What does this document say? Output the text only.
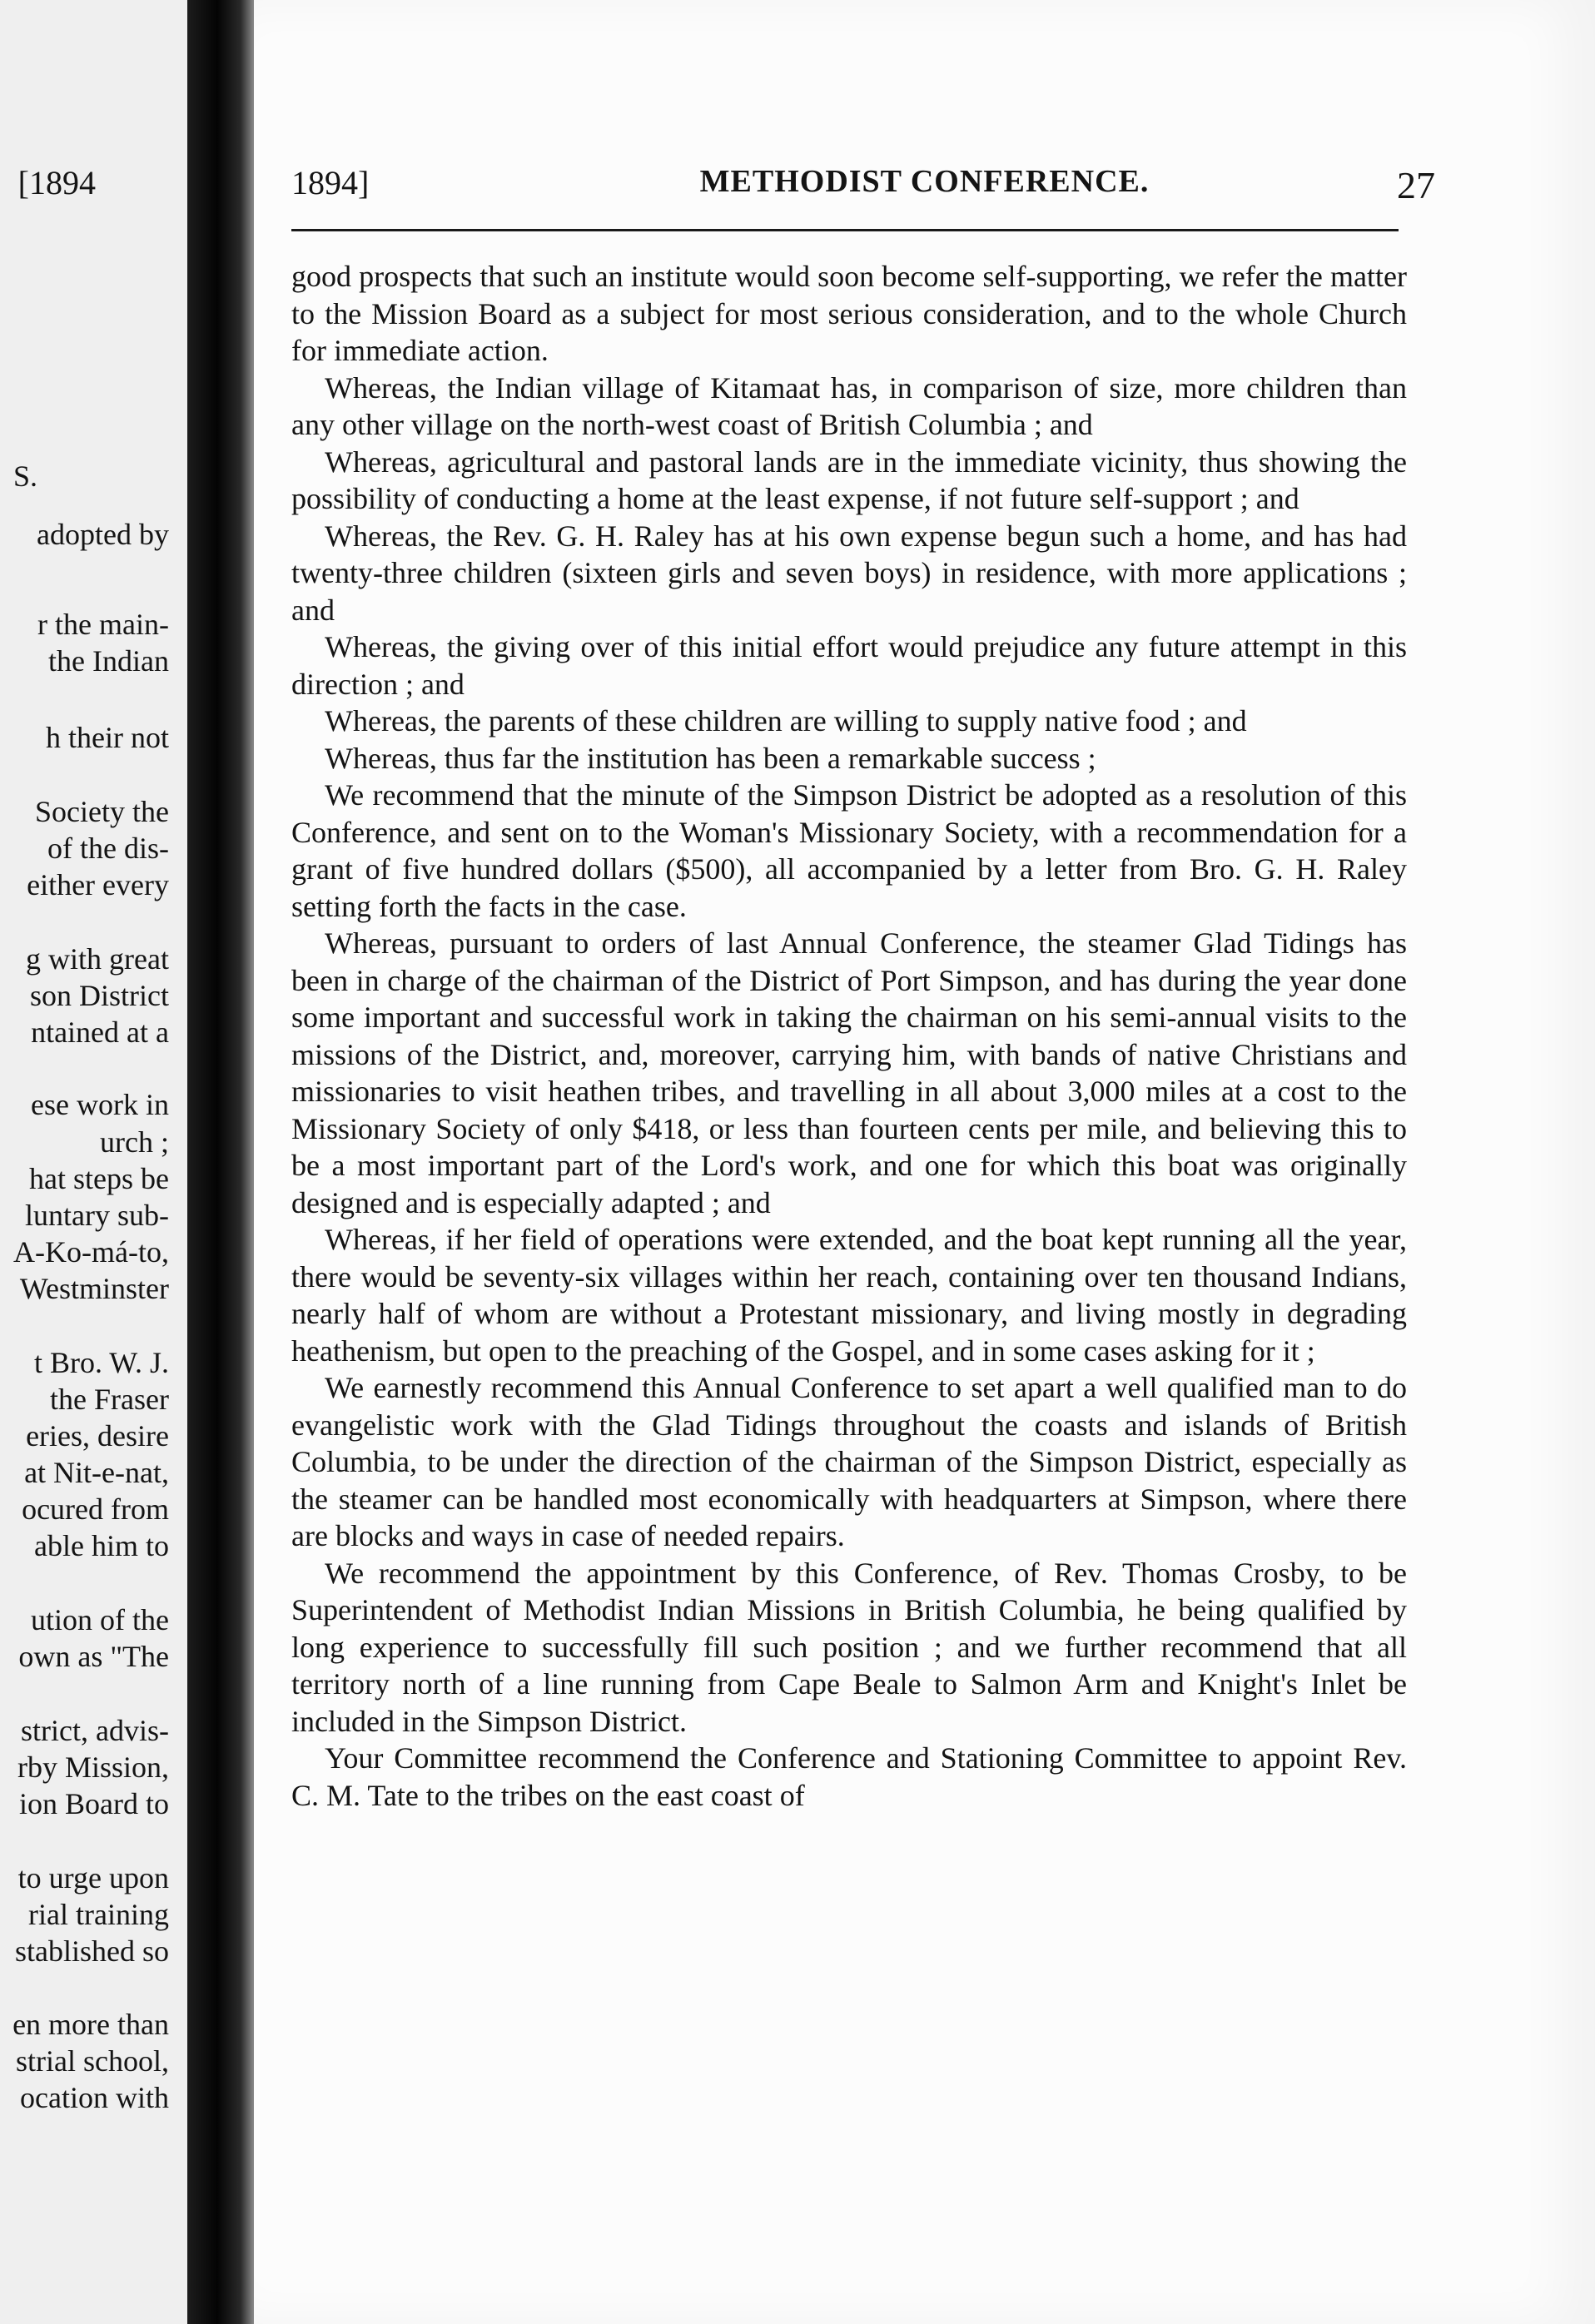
[1894
S.
adopted by
r the main-
the Indian
h their not
Society the
of the dis-
either every
g with great
son District
ntained at a
ese work in
urch ;
hat steps be
luntary sub-
A-Ko-má-to,
Westminster
t Bro. W. J.
the Fraser
eries, desire
at Nit-e-nat,
ocured from
able him to
ution of the
own as "The
strict, advis-
rby Mission,
ion Board to
to urge upon
rial training
stablished so
en more than
strial school,
ocation with
1894]	METHODIST CONFERENCE.	27

good prospects that such an institute would soon become self-supporting, we refer the matter to the Mission Board as a subject for most serious consideration, and to the whole Church for immediate action.

Whereas, the Indian village of Kitamaat has, in comparison of size, more children than any other village on the north-west coast of British Columbia ; and

Whereas, agricultural and pastoral lands are in the immediate vicinity, thus showing the possibility of conducting a home at the least expense, if not future self-support ; and

Whereas, the Rev. G. H. Raley has at his own expense begun such a home, and has had twenty-three children (sixteen girls and seven boys) in residence, with more applications ; and

Whereas, the giving over of this initial effort would prejudice any future attempt in this direction ; and

Whereas, the parents of these children are willing to supply native food ; and

Whereas, thus far the institution has been a remarkable success ;

We recommend that the minute of the Simpson District be adopted as a resolution of this Conference, and sent on to the Woman's Missionary Society, with a recommendation for a grant of five hundred dollars ($500), all accompanied by a letter from Bro. G. H. Raley setting forth the facts in the case.

Whereas, pursuant to orders of last Annual Conference, the steamer Glad Tidings has been in charge of the chairman of the District of Port Simpson, and has during the year done some important and successful work in taking the chairman on his semi-annual visits to the missions of the District, and, moreover, carrying him, with bands of native Christians and missionaries to visit heathen tribes, and travelling in all about 3,000 miles at a cost to the Missionary Society of only $418, or less than fourteen cents per mile, and believing this to be a most important part of the Lord's work, and one for which this boat was originally designed and is especially adapted ; and

Whereas, if her field of operations were extended, and the boat kept running all the year, there would be seventy-six villages within her reach, containing over ten thousand Indians, nearly half of whom are without a Protestant missionary, and living mostly in degrading heathenism, but open to the preaching of the Gospel, and in some cases asking for it ;

We earnestly recommend this Annual Conference to set apart a well qualified man to do evangelistic work with the Glad Tidings throughout the coasts and islands of British Columbia, to be under the direction of the chairman of the Simpson District, especially as the steamer can be handled most economically with headquarters at Simpson, where there are blocks and ways in case of needed repairs.

We recommend the appointment by this Conference, of Rev. Thomas Crosby, to be Superintendent of Methodist Indian Missions in British Columbia, he being qualified by long experience to successfully fill such position ; and we further recommend that all territory north of a line running from Cape Beale to Salmon Arm and Knight's Inlet be included in the Simpson District.

Your Committee recommend the Conference and Stationing Committee to appoint Rev. C. M. Tate to the tribes on the east coast of
